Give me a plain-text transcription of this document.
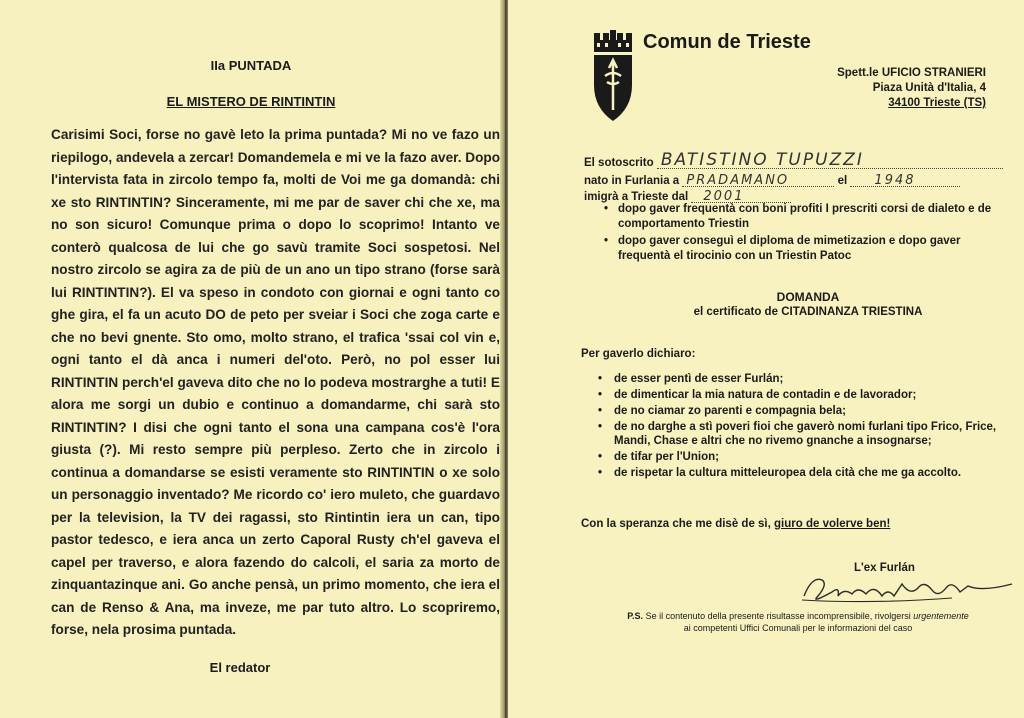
IIa PUNTADA
EL MISTERO DE RINTINTIN

Carisimi Soci, forse no gavè leto la prima puntada? Mi no ve fazo un riepilogo, andevela a zercar! Domandemela e mi ve la fazo aver. Dopo l'intervista fata in zircolo tempo fa, molti de Voi me ga domandà: chi xe sto RINTINTIN? Sinceramente, mi me par de saver chi che xe, ma no son sicuro! Comunque prima o dopo lo scoprimo! Intanto ve conterò qualcosa de lui che go savù tramite Soci sospetosi. Nel nostro zircolo se agira za de più de un ano un tipo strano (forse sarà lui RINTINTIN?). El va speso in condoto con giornai e ogni tanto co ghe gira, el fa un acuto DO de peto per sveiar i Soci che zoga carte e che no bevi gnente. Sto omo, molto strano, el trafica 'ssai col vin e, ogni tanto el dà anca i numeri del'oto. Però, no pol esser lui RINTINTIN perch'el gaveva dito che no lo podeva mostrarghe a tuti! E alora me sorgi un dubio e continuo a domandarme, chi sarà sto RINTINTIN? I disi che ogni tanto el sona una campana cos'è l'ora giusta (?). Mi resto sempre più perpleso. Zerto che in zircolo i continua a domandarse se esisti veramente sto RINTINTIN o xe solo un personaggio inventado? Me ricordo co' iero muleto, che guardavo per la television, la TV dei ragassi, sto Rintintin iera un can, tipo pastor tedesco, e iera anca un zerto Caporal Rusty ch'el gaveva el capel per traverso, e alora fazendo do calcoli, el saria za morto de zinquantazinque ani. Go anche pensà, un primo momento, che iera el can de Renso & Ana, ma inveze, me par tuto altro. Lo scopriremo, forse, nela prosima puntada.

El redator
Comun de Trieste
Spett.le UFICIO STRANIERI
Piaza Unità d'Italia, 4
34100 Trieste (TS)
El sotoscrito BATISTINO TUPUZZI
nato in Furlania a PRADAMANO	el 1948
imigrà a Trieste dal 2001
• dopo gaver frequentà con boni profiti I prescriti corsi de dialeto e de comportamento Triestin
• dopo gaver conseguì el diploma de mimetizazion e dopo gaver frequentà el tirocinio con un Triestin Patoc
DOMANDA
el certificato de CITADINANZA TRIESTINA
Per gaverlo dichiaro:
• de esser pentì de esser Furlán;
• de dimenticar la mia natura de contadin e de lavorador;
• de no ciamar zo parenti e compagnia bela;
• de no darghe a stì poveri fioi che gaverò nomi furlani tipo Frico, Frice, Mandi, Chase e altri che no rivemo gnanche a insognarse;
• de tifar per l'Union;
• de rispetar la cultura mitteleuropea dela cità che me ga accolto.
Con la speranza che me disè de sì, giuro de volerve ben!
L'ex Furlán
P.S. Se il contenuto della presente risultasse incomprensibile, rivolgersi urgentemente
ai competenti Uffici Comunali per le informazioni del caso
